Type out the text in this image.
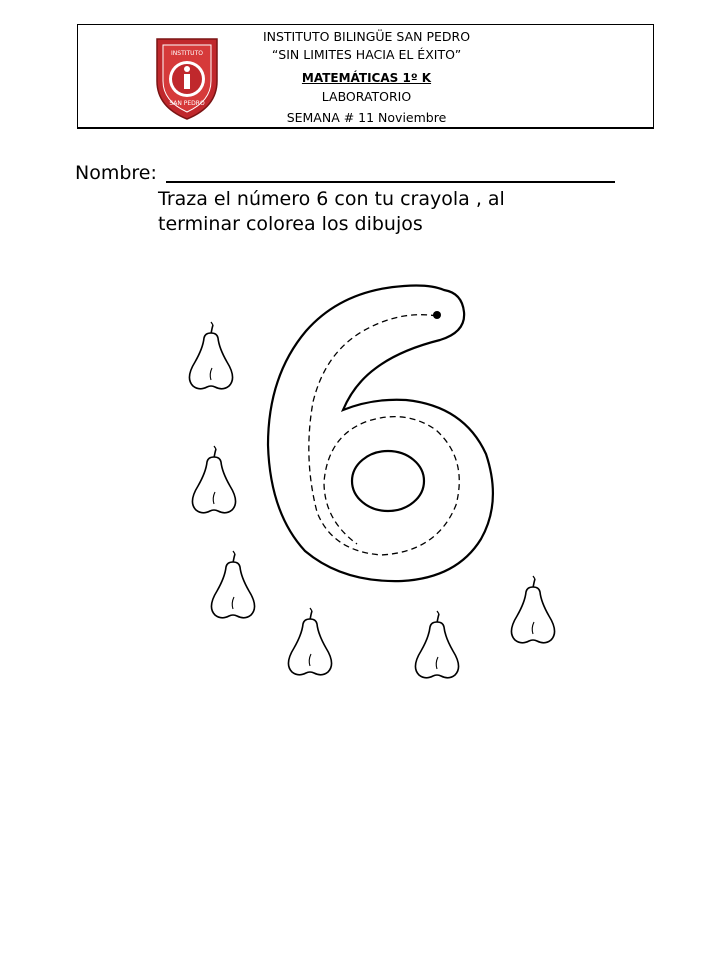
INSTITUTO
SAN PEDRO
INSTITUTO BILINGÜE SAN PEDRO
“SIN LIMITES HACIA EL ÉXITO”
MATEMÁTICAS 1º K
LABORATORIO
SEMANA # 11 Noviembre
Nombre:
Traza el número 6 con tu crayola , al terminar colorea los dibujos
